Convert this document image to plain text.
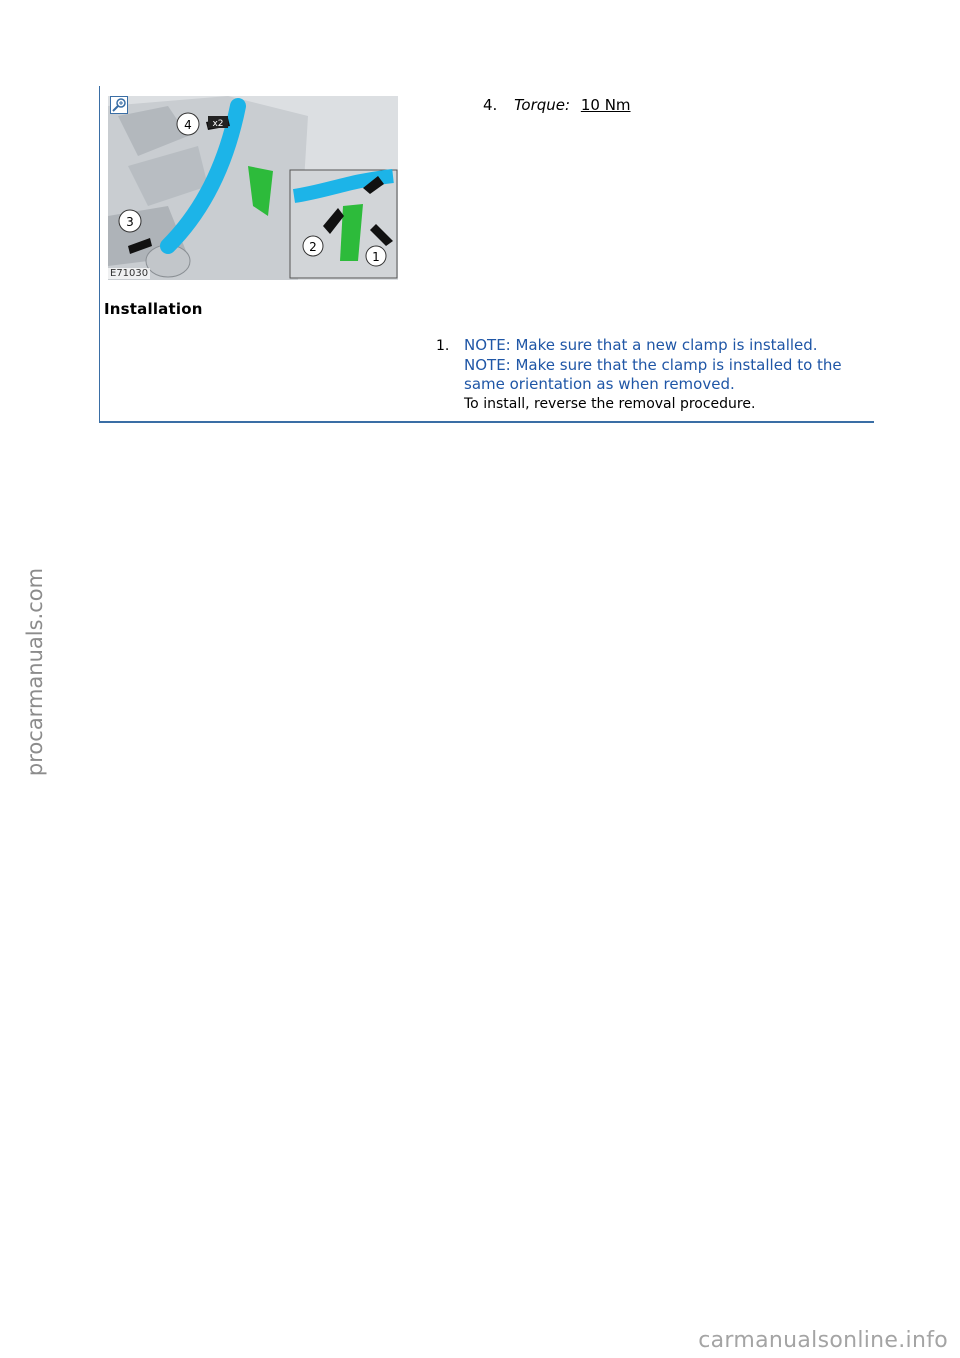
4
3
2
1
x2
E71030
4. Torque: 10 Nm
Installation
1. NOTE: Make sure that a new clamp is installed.
NOTE: Make sure that the clamp is installed to the
same orientation as when removed.
To install, reverse the removal procedure.
procarmanuals.com
carmanualsonline.info
